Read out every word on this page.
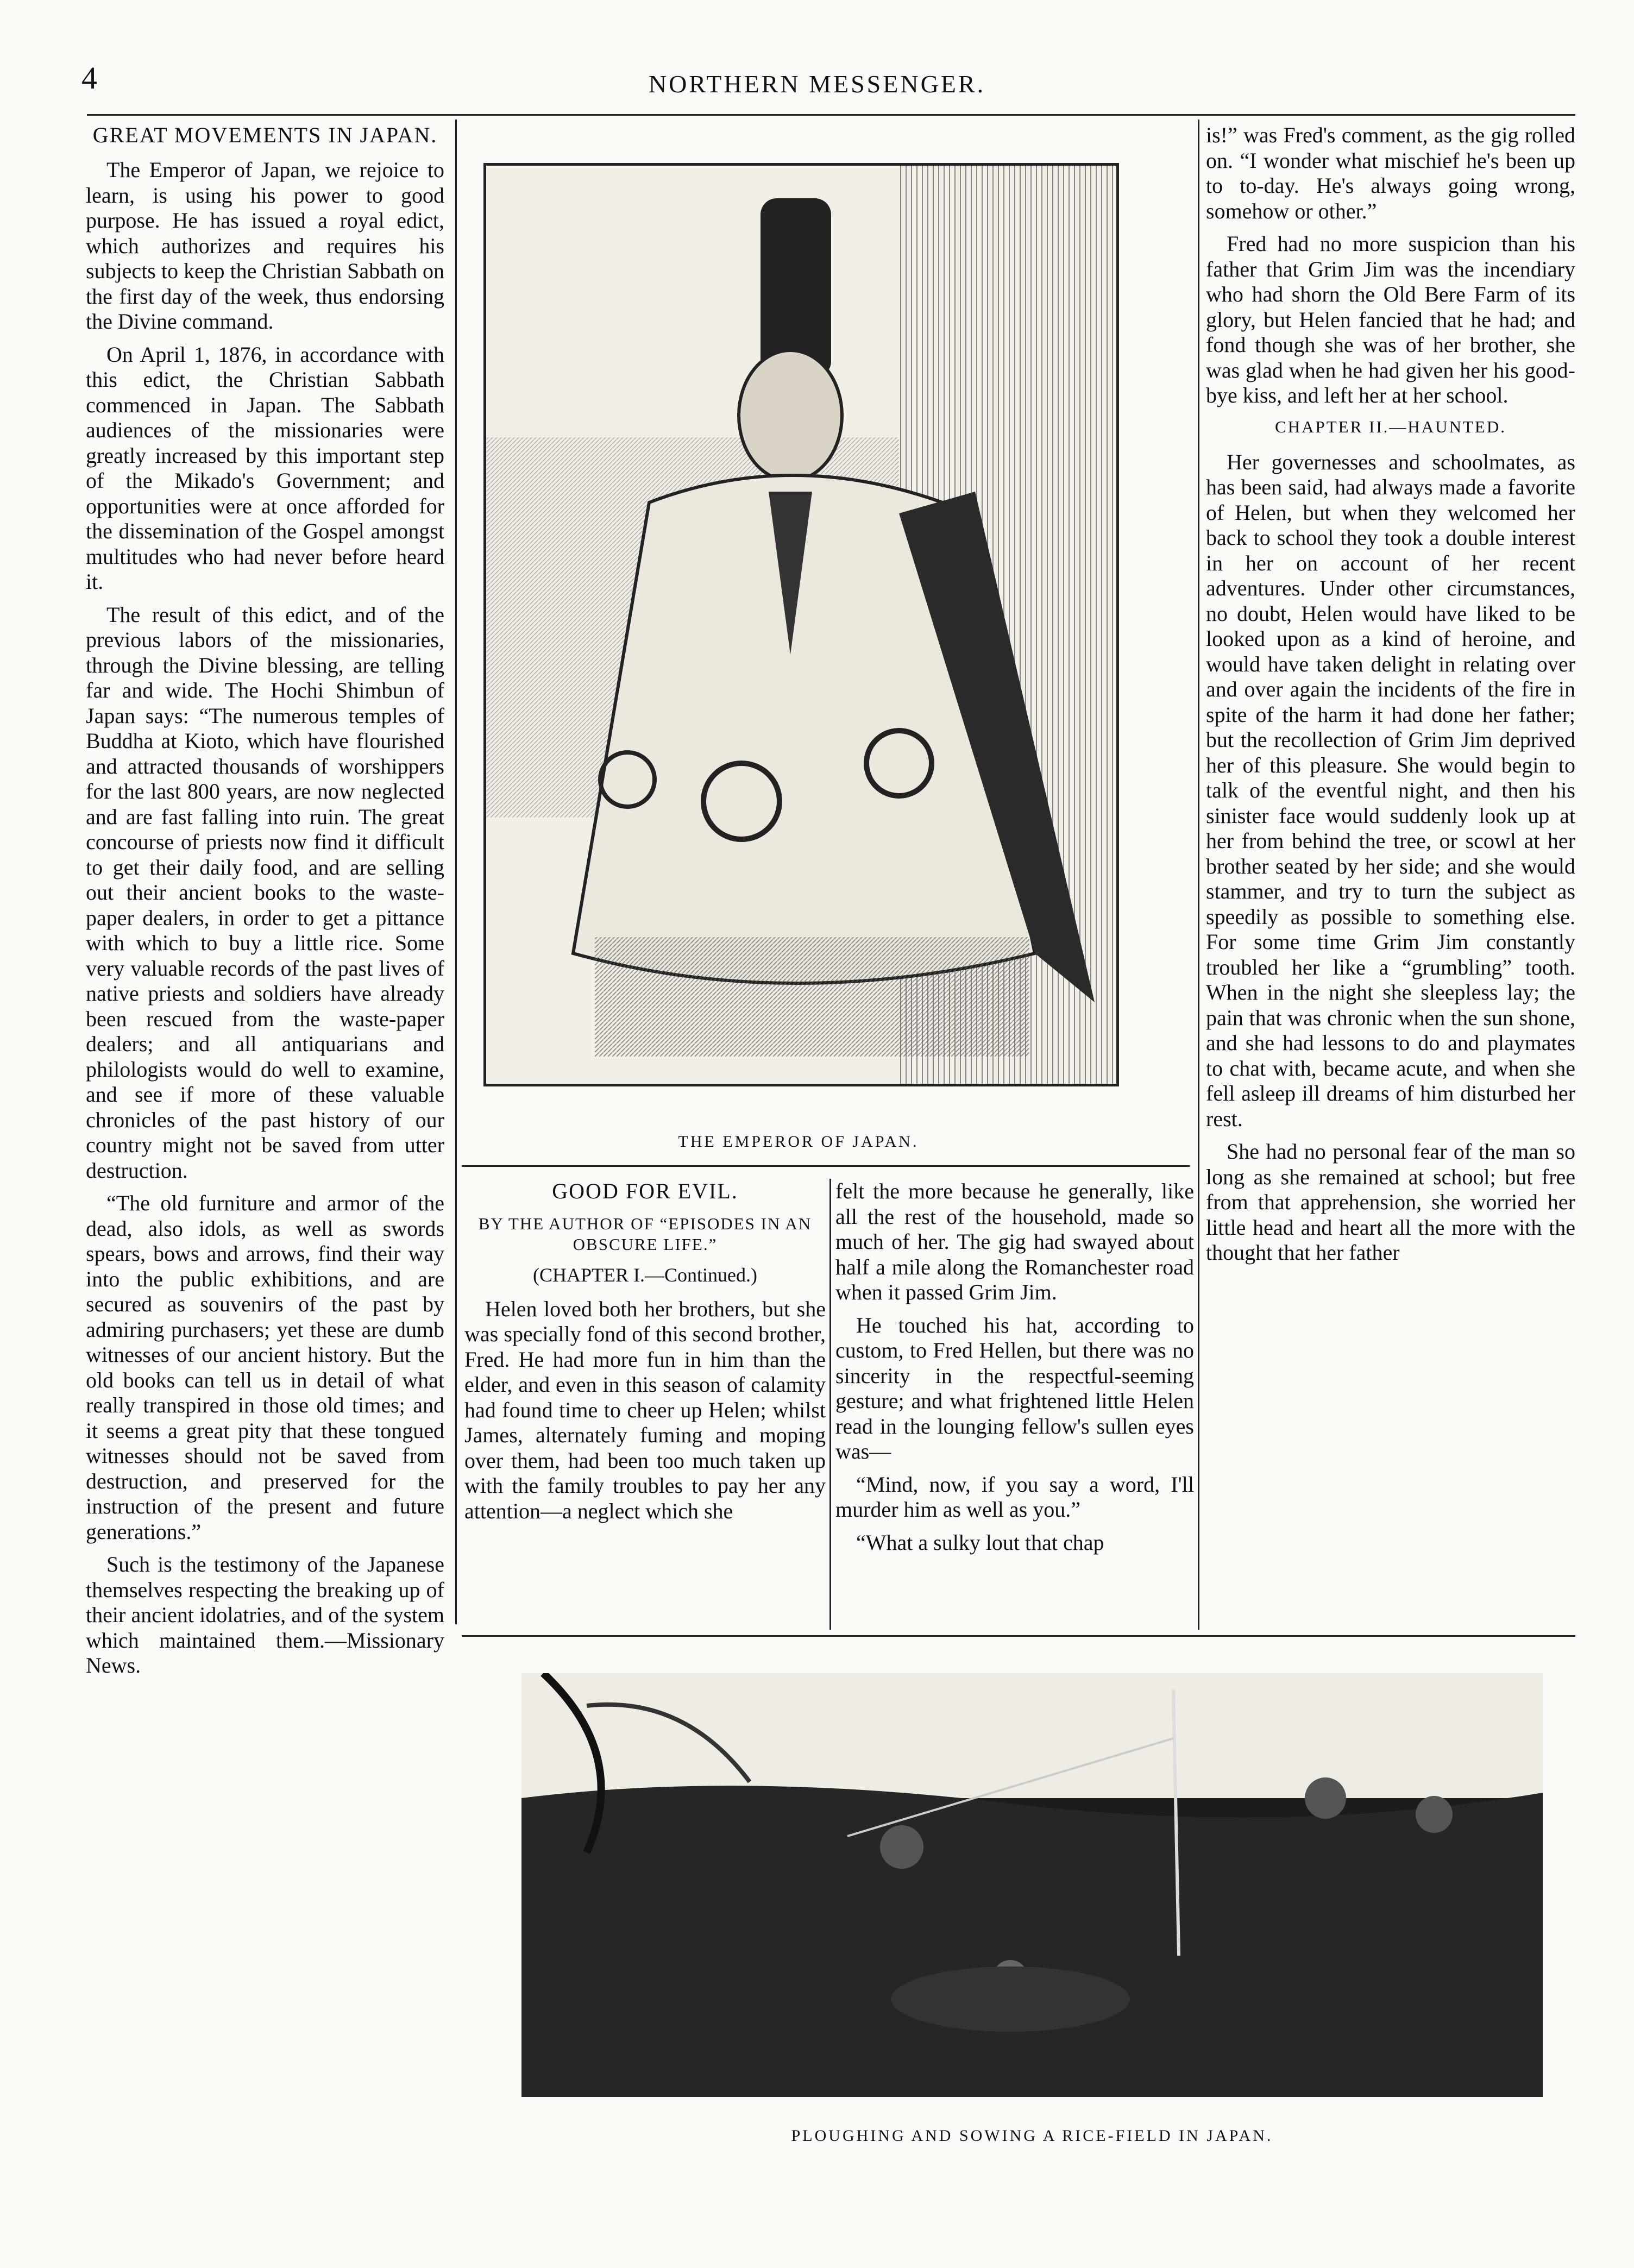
4	NORTHERN MESSENGER.
GREAT MOVEMENTS IN JAPAN.

The Emperor of Japan, we rejoice to learn, is using his power to good purpose. He has issued a royal edict, which authorizes and requires his subjects to keep the Christian Sabbath on the first day of the week, thus endorsing the Divine command.

On April 1, 1876, in accordance with this edict, the Christian Sabbath commenced in Japan. The Sabbath audiences of the missionaries were greatly increased by this important step of the Mikado's Government; and opportunities were at once afforded for the dissemination of the Gospel amongst multitudes who had never before heard it.

The result of this edict, and of the previous labors of the missionaries, through the Divine blessing, are telling far and wide. The Hochi Shimbun of Japan says: “The numerous temples of Buddha at Kioto, which have flourished and attracted thousands of worshippers for the last 800 years, are now neglected and are fast falling into ruin. The great concourse of priests now find it difficult to get their daily food, and are selling out their ancient books to the waste-paper dealers, in order to get a pittance with which to buy a little rice. Some very valuable records of the past lives of native priests and soldiers have already been rescued from the waste-paper dealers; and all antiquarians and philologists would do well to examine, and see if more of these valuable chronicles of the past history of our country might not be saved from utter destruction.

“The old furniture and armor of the dead, also idols, as well as swords spears, bows and arrows, find their way into the public exhibitions, and are secured as souvenirs of the past by admiring purchasers; yet these are dumb witnesses of our ancient history. But the old books can tell us in detail of what really transpired in those old times; and it seems a great pity that these tongued witnesses should not be saved from destruction, and preserved for the instruction of the present and future generations.”

Such is the testimony of the Japanese themselves respecting the breaking up of their ancient idolatries, and of the system which maintained them.—Missionary News.

THE EMPEROR OF JAPAN.
GOOD FOR EVIL.
BY THE AUTHOR OF “EPISODES IN AN OBSCURE LIFE.”
(CHAPTER I.—Continued.)

Helen loved both her brothers, but she was specially fond of this second brother, Fred. He had more fun in him than the elder, and even in this season of calamity had found time to cheer up Helen; whilst James, alternately fuming and moping over them, had been too much taken up with the family troubles to pay her any attention—a neglect which she

felt the more because he generally, like all the rest of the household, made so much of her. The gig had swayed about half a mile along the Romanchester road when it passed Grim Jim.

He touched his hat, according to custom, to Fred Hellen, but there was no sincerity in the respectful-seeming gesture; and what frightened little Helen read in the lounging fellow's sullen eyes was—

“Mind, now, if you say a word, I'll murder him as well as you.”

“What a sulky lout that chap

is!” was Fred's comment, as the gig rolled on. “I wonder what mischief he's been up to to-day. He's always going wrong, somehow or other.”

Fred had no more suspicion than his father that Grim Jim was the incendiary who had shorn the Old Bere Farm of its glory, but Helen fancied that he had; and fond though she was of her brother, she was glad when he had given her his good-bye kiss, and left her at her school.

CHAPTER II.—HAUNTED.

Her governesses and schoolmates, as has been said, had always made a favorite of Helen, but when they welcomed her back to school they took a double interest in her on account of her recent adventures. Under other circumstances, no doubt, Helen would have liked to be looked upon as a kind of heroine, and would have taken delight in relating over and over again the incidents of the fire in spite of the harm it had done her father; but the recollection of Grim Jim deprived her of this pleasure. She would begin to talk of the eventful night, and then his sinister face would suddenly look up at her from behind the tree, or scowl at her brother seated by her side; and she would stammer, and try to turn the subject as speedily as possible to something else. For some time Grim Jim constantly troubled her like a “grumbling” tooth. When in the night she sleepless lay; the pain that was chronic when the sun shone, and she had lessons to do and playmates to chat with, became acute, and when she fell asleep ill dreams of him disturbed her rest.

She had no personal fear of the man so long as she remained at school; but free from that apprehension, she worried her little head and heart all the more with the thought that her father

PLOUGHING AND SOWING A RICE-FIELD IN JAPAN.
